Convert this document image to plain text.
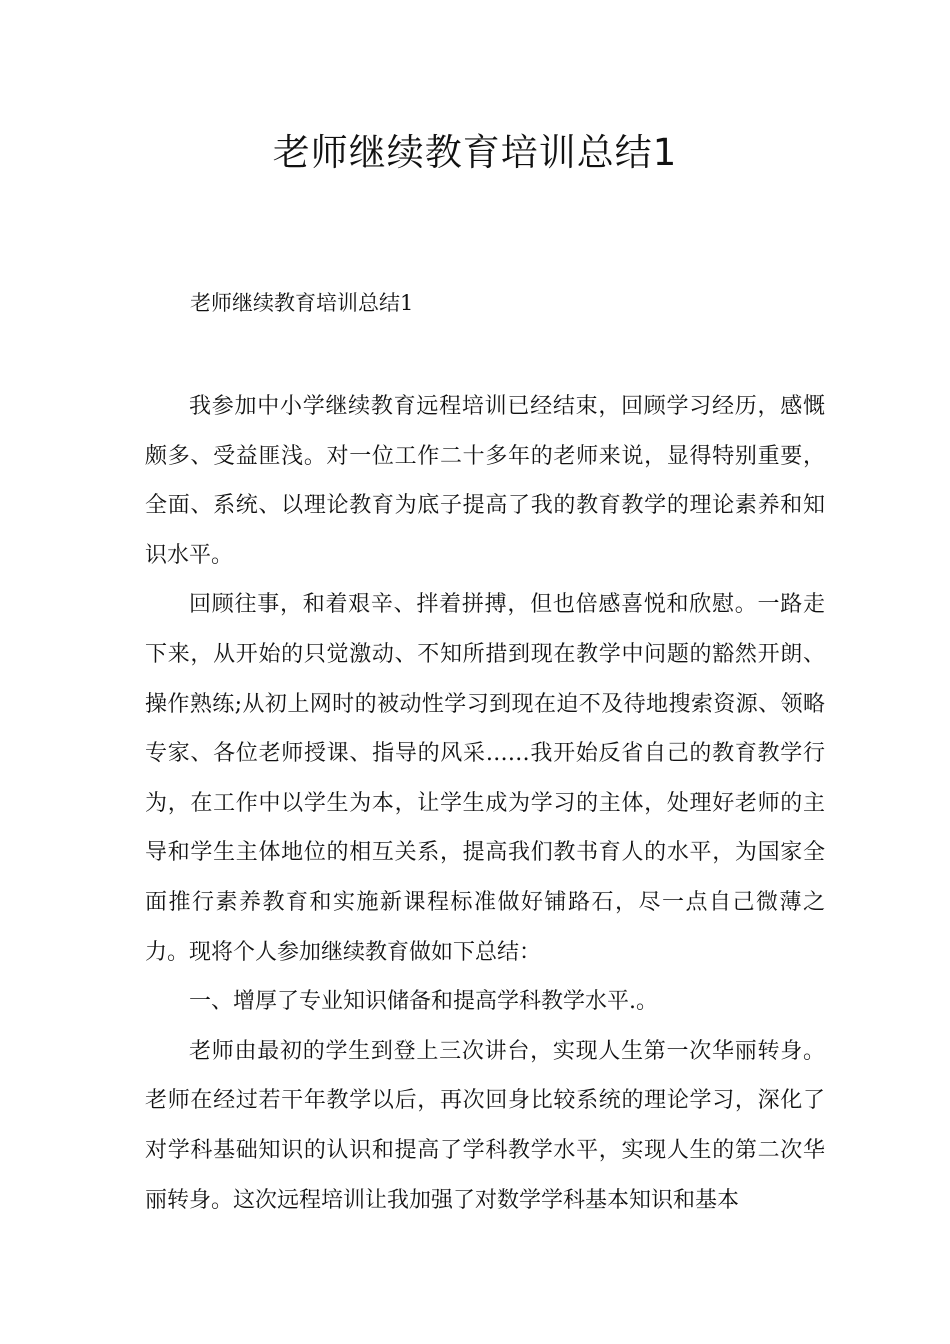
老师继续教育培训总结1

老师继续教育培训总结1

我参加中小学继续教育远程培训已经结束，回顾学习经历，感慨颇多、受益匪浅。对一位工作二十多年的老师来说，显得特别重要，全面、系统、以理论教育为底子提高了我的教育教学的理论素养和知识水平。

回顾往事，和着艰辛、拌着拼搏，但也倍感喜悦和欣慰。一路走下来，从开始的只觉激动、不知所措到现在教学中问题的豁然开朗、操作熟练;从初上网时的被动性学习到现在迫不及待地搜索资源、领略专家、各位老师授课、指导的风采……我开始反省自己的教育教学行为，在工作中以学生为本，让学生成为学习的主体，处理好老师的主导和学生主体地位的相互关系，提高我们教书育人的水平，为国家全面推行素养教育和实施新课程标准做好铺路石，尽一点自己微薄之力。现将个人参加继续教育做如下总结：

一、增厚了专业知识储备和提高学科教学水平.。

老师由最初的学生到登上三次讲台，实现人生第一次华丽转身。老师在经过若干年教学以后，再次回身比较系统的理论学习，深化了对学科基础知识的认识和提高了学科教学水平，实现人生的第二次华丽转身。这次远程培训让我加强了对数学学科基本知识和基本
